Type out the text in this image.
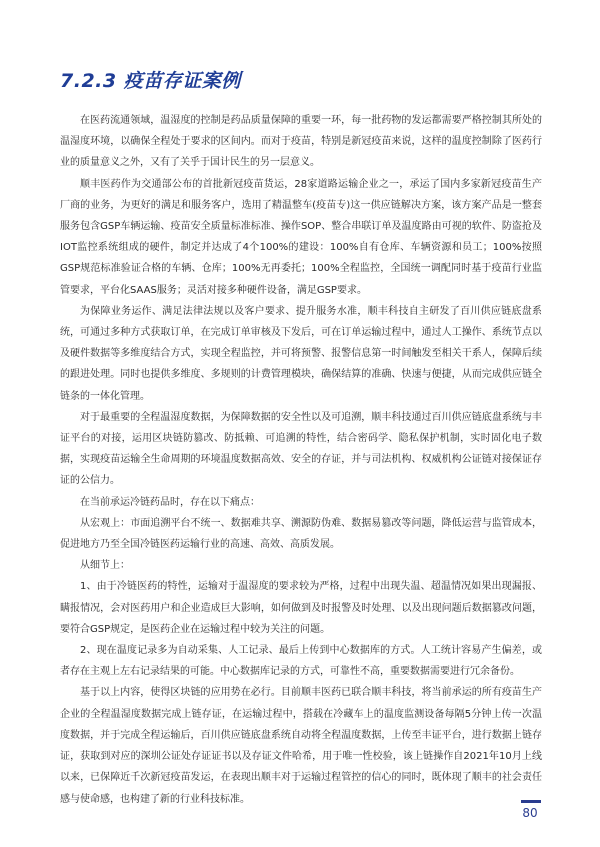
7.2.3 疫苗存证案例

在医药流通领域，温湿度的控制是药品质量保障的重要一环，每一批药物的发运都需要严格控制其所处的温湿度环境，以确保全程处于要求的区间内。而对于疫苗，特别是新冠疫苗来说，这样的温度控制除了医药行业的质量意义之外，又有了关乎于国计民生的另一层意义。

顺丰医药作为交通部公布的首批新冠疫苗货运，28家道路运输企业之一，承运了国内多家新冠疫苗生产厂商的业务，为更好的满足和服务客户，选用了精温整车(疫苗专)这一供应链解决方案，该方案产品是一整套服务包含GSP车辆运输、疫苗安全质量标准标准、操作SOP、整合串联订单及温度路由可视的软件、防盗抢及IOT监控系统组成的硬件，制定并达成了4个100%的建设：100%自有仓库、车辆资源和员工；100%按照GSP规范标准验证合格的车辆、仓库；100%无再委托；100%全程监控，全国统一调配同时基于疫苗行业监管要求，平台化SAAS服务；灵活对接多种硬件设备，满足GSP要求。

为保障业务运作、满足法律法规以及客户要求、提升服务水准，顺丰科技自主研发了百川供应链底盘系统，可通过多种方式获取订单，在完成订单审核及下发后，可在订单运输过程中，通过人工操作、系统节点以及硬件数据等多维度结合方式，实现全程监控，并可将预警、报警信息第一时间触发至相关干系人，保障后续的跟进处理。同时也提供多维度、多规则的计费管理模块，确保结算的准确、快速与便捷，从而完成供应链全链条的一体化管理。

对于最重要的全程温湿度数据，为保障数据的安全性以及可追溯，顺丰科技通过百川供应链底盘系统与丰证平台的对接，运用区块链防篡改、防抵赖、可追溯的特性，结合密码学、隐私保护机制，实时固化电子数据，实现疫苗运输全生命周期的环境温度数据高效、安全的存证，并与司法机构、权威机构公证链对接保证存证的公信力。

在当前承运冷链药品时，存在以下痛点：

从宏观上：市面追溯平台不统一、数据难共享、溯源防伪难、数据易篡改等问题，降低运营与监管成本，促进地方乃至全国冷链医药运输行业的高速、高效、高质发展。

从细节上：

1、由于冷链医药的特性，运输对于温湿度的要求较为严格，过程中出现失温、超温情况如果出现漏报、瞒报情况，会对医药用户和企业造成巨大影响，如何做到及时报警及时处理、以及出现问题后数据篡改问题，要符合GSP规定，是医药企业在运输过程中较为关注的问题。

2、现在温度记录多为自动采集、人工记录、最后上传到中心数据库的方式。人工统计容易产生偏差，或者存在主观上左右记录结果的可能。中心数据库记录的方式，可靠性不高，重要数据需要进行冗余备份。

基于以上内容，使得区块链的应用势在必行。目前顺丰医药已联合顺丰科技，将当前承运的所有疫苗生产企业的全程温湿度数据完成上链存证，在运输过程中，搭载在冷藏车上的温度监测设备每隔5分钟上传一次温度数据，并于完成全程运输后，百川供应链底盘系统自动将全程温度数据，上传至丰证平台，进行数据上链存证，获取到对应的深圳公证处存证证书以及存证文件哈希，用于唯一性校验，该上链操作自2021年10月上线以来，已保障近千次新冠疫苗发运，在表现出顺丰对于运输过程管控的信心的同时，既体现了顺丰的社会责任感与使命感，也构建了新的行业科技标准。

80
